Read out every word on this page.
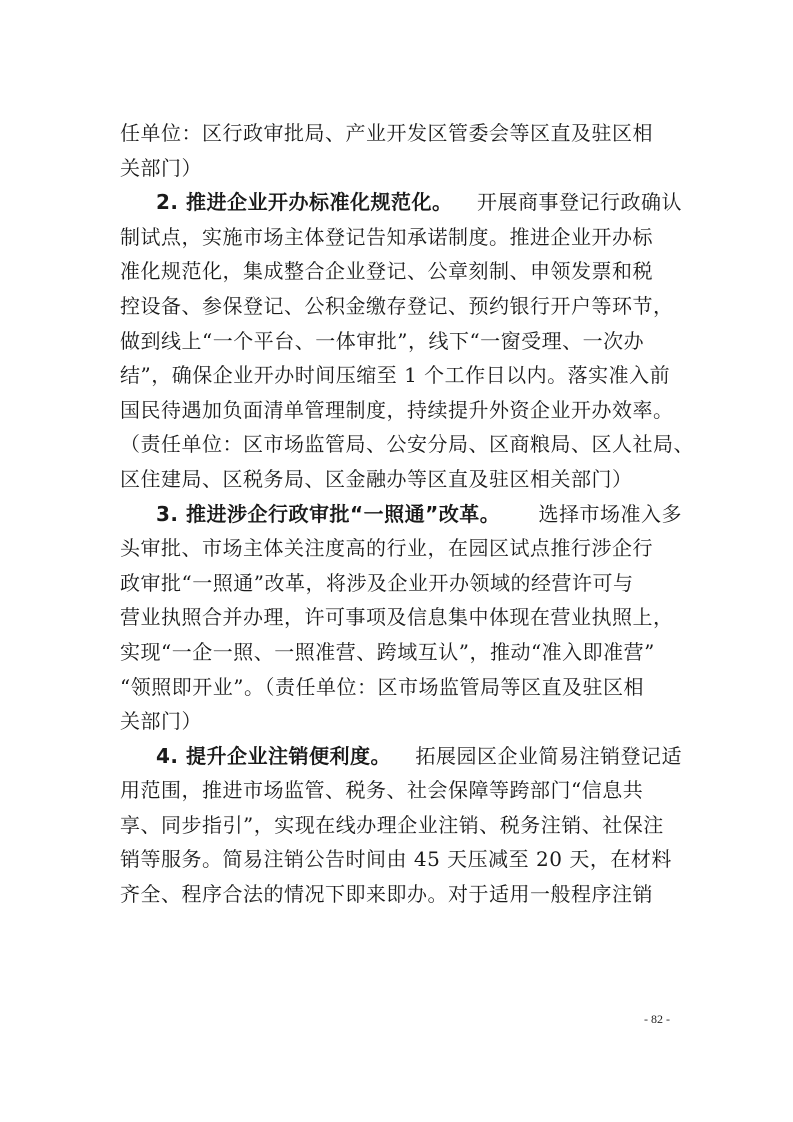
任单位：区行政审批局、产业开发区管委会等区直及驻区相
关部门）
2. 推进企业开办标准化规范化。 开展商事登记行政确认
制试点，实施市场主体登记告知承诺制度。推进企业开办标
准化规范化，集成整合企业登记、公章刻制、申领发票和税
控设备、参保登记、公积金缴存登记、预约银行开户等环节，
做到线上“一个平台、一体审批”，线下“一窗受理、一次办
结”，确保企业开办时间压缩至 1 个工作日以内。落实准入前
国民待遇加负面清单管理制度，持续提升外资企业开办效率。
（责任单位：区市场监管局、公安分局、区商粮局、区人社局、
区住建局、区税务局、区金融办等区直及驻区相关部门）
3. 推进涉企行政审批“一照通”改革。 选择市场准入多
头审批、市场主体关注度高的行业，在园区试点推行涉企行
政审批“一照通”改革，将涉及企业开办领域的经营许可与
营业执照合并办理，许可事项及信息集中体现在营业执照上，
实现“一企一照、一照准营、跨域互认”，推动“准入即准营”
“领照即开业”。（责任单位：区市场监管局等区直及驻区相
关部门）
4. 提升企业注销便利度。 拓展园区企业简易注销登记适
用范围，推进市场监管、税务、社会保障等跨部门“信息共
享、同步指引”，实现在线办理企业注销、税务注销、社保注
销等服务。简易注销公告时间由 45 天压减至 20 天，在材料
齐全、程序合法的情况下即来即办。对于适用一般程序注销
- 82 -
